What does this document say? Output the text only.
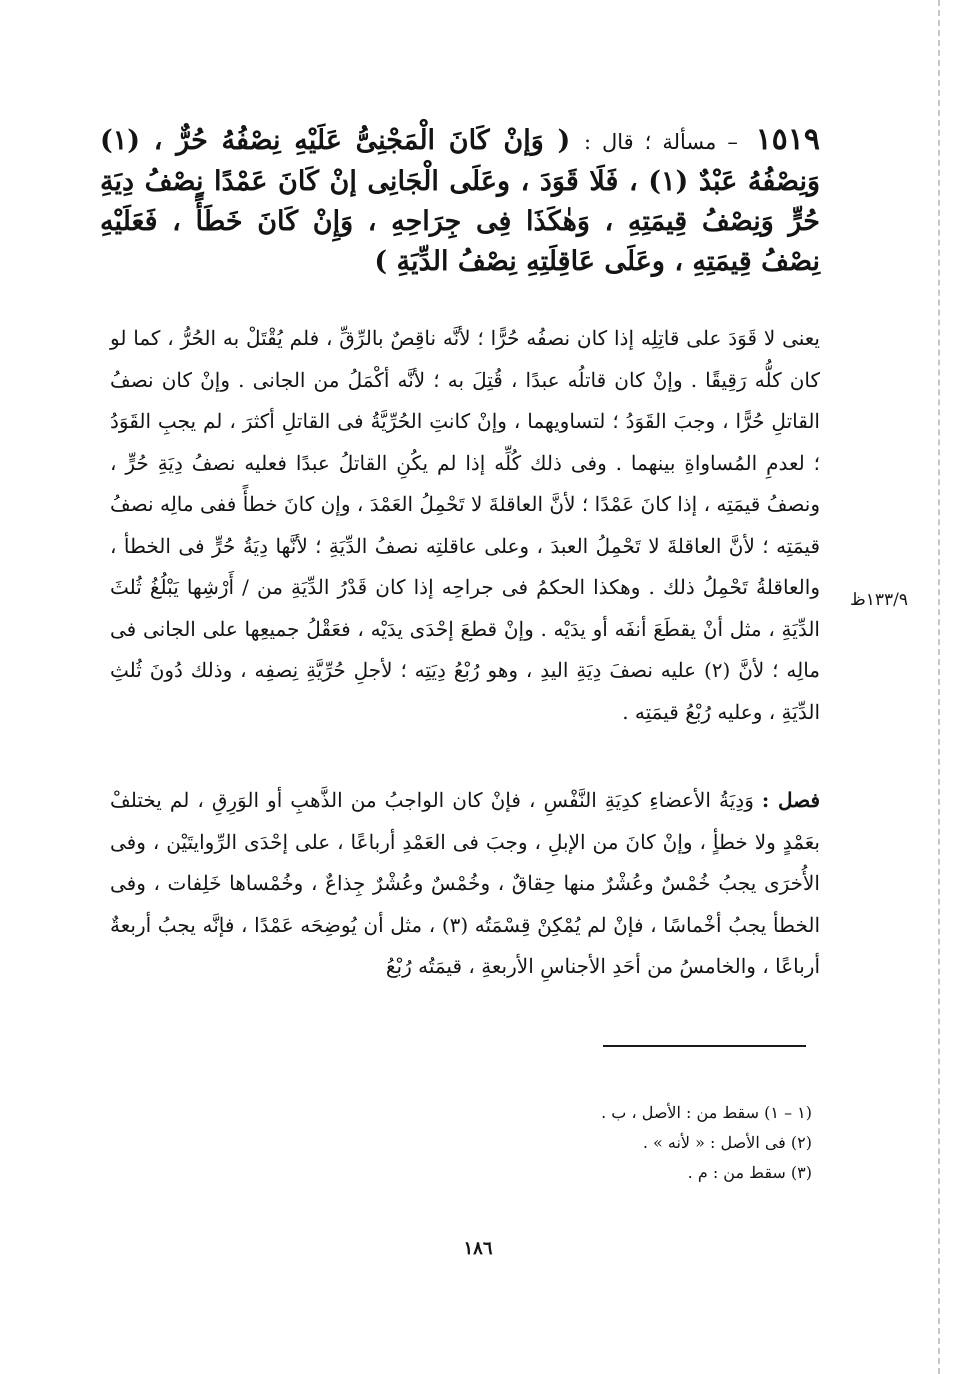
١٥١٩ – مسألة ؛ قال : ( وَإنْ كَانَ الْمَجْنِىُّ عَلَيْهِ نِصْفُهُ حُرٌّ ، (١) وَنِصْفُهُ عَبْدٌ (١) ، فَلَا قَوَدَ ، وعَلَى الْجَانِى إنْ كَانَ عَمْدًا نِصْفُ دِيَةِ حُرٍّ وَنِصْفُ قِيمَتِهِ ، وَهٰكَذَا فِى جِرَاحِهِ ، وَإِنْ كَانَ خَطَأً ، فَعَلَيْهِ نِصْفُ قِيمَتِهِ ، وعَلَى عَاقِلَتِهِ نِصْفُ الدِّيَةِ )
يعنى لا قَوَدَ على قاتِلِه إذا كان نصفُه حُرًّا ؛ لأنَّه ناقِصٌ بالرِّقِّ ، فلم يُقْتَلْ به الحُرُّ ، كما لو كان كلُّه رَقِيقًا . وإنْ كان قاتلُه عبدًا ، قُتِلَ به ؛ لأنَّه أكْمَلُ من الجانى . وإنْ كان نصفُ القاتلِ حُرًّا ، وجبَ القَوَدُ ؛ لتساويهما ، وإنْ كانتِ الحُرِّيَّةُ فى القاتلِ أكثرَ ، لم يجبِ القَوَدُ ؛ لعدمِ المُساواةِ بينهما . وفى ذلك كُلِّه إذا لم يكُنِ القاتلُ عبدًا فعليه نصفُ دِيَةِ حُرٍّ ، ونصفُ قيمَتِه ، إذا كانَ عَمْدًا ؛ لأنَّ العاقلةَ لا تَحْمِلُ العَمْدَ ، وإن كانَ خطأً ففى مالِه نصفُ قيمَتِه ؛ لأنَّ العاقلةَ لا تَحْمِلُ العبدَ ، وعلى عاقلتِه نصفُ الدِّيَةِ ؛ لأنَّها دِيَةُ حُرٍّ فى الخطأ ، والعاقلةُ تَحْمِلُ ذلك . وهكذا الحكمُ فى جراحِه إذا كان قَدْرُ الدِّيَةِ من / أَرْشِها يَبْلُغُ ثُلثَ الدِّيَةِ ، مثل أنْ يقطَعَ أنفَه أو يدَيْه . وإنْ قطعَ إحْدَى يدَيْه ، فعَقْلُ جميعِها على الجانى فى مالِه ؛ لأنَّ (٢) عليه نصفَ دِيَةِ اليدِ ، وهو رُبْعُ دِيَتِه ؛ لأجلِ حُرِّيَّةِ نِصفِه ، وذلك دُونَ ثُلثِ الدِّيَةِ ، وعليه رُبْعُ قيمَتِه .
١٣٣/٩ظ
فصل : وَدِيَةُ الأعضاءِ كدِيَةِ النَّفْسِ ، فإنْ كان الواجبُ من الذَّهبِ أو الوَرِقِ ، لم يختلفْ بعَمْدٍ ولا خطأٍ ، وإنْ كانَ من الإبلِ ، وجبَ فى العَمْدِ أرباعًا ، على إحْدَى الرِّوايتَيْن ، وفى الأُخرَى يجبُ خُمْسٌ وعُشْرٌ منها حِقاقٌ ، وخُمْسٌ وعُشْرٌ جِذاعٌ ، وخُمْساها خَلِفات ، وفى الخطأ يجبُ أخْماسًا ، فإنْ لم يُمْكِنْ قِسْمَتُه (٣) ، مثل أن يُوضِحَه عَمْدًا ، فإنَّه يجبُ أربعةٌ أرباعًا ، والخامسُ من أحَدِ الأجناسِ الأربعةِ ، قيمَتُه رُبْعُ
(١ – ١) سقط من : الأصل ، ب .
(٢) فى الأصل : « لأنه » .
(٣) سقط من : م .
١٨٦
